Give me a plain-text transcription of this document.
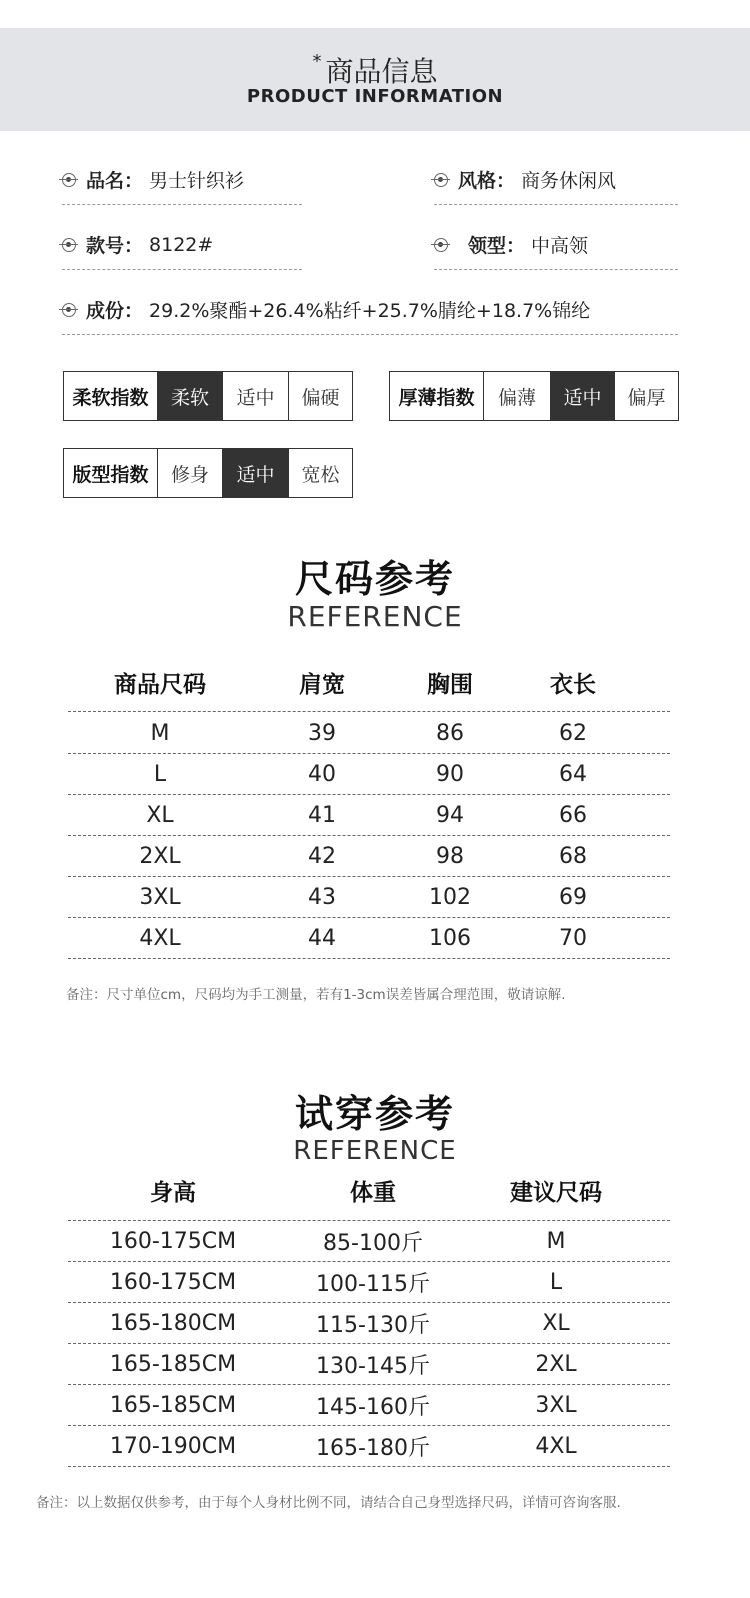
* 商品信息
PRODUCT INFORMATION
品名： 男士针织衫	风格： 商务休闲风
款号： 8122#	领型： 中高领
成份： 29.2%聚酯+26.4%粘纤+25.7%腈纶+18.7%锦纶
柔软指数	柔软	适中	偏硬	厚薄指数	偏薄	适中	偏厚
版型指数	修身	适中	宽松
尺码参考
REFERENCE
商品尺码	肩宽	胸围	衣长
M	39	86	62
L	40	90	64
XL	41	94	66
2XL	42	98	68
3XL	43	102	69
4XL	44	106	70
备注：尺寸单位cm，尺码均为手工测量，若有1-3cm误差皆属合理范围，敬请谅解.
试穿参考
REFERENCE
身高	体重	建议尺码
160-175CM	85-100斤	M
160-175CM	100-115斤	L
165-180CM	115-130斤	XL
165-185CM	130-145斤	2XL
165-185CM	145-160斤	3XL
170-190CM	165-180斤	4XL
备注：以上数据仅供参考，由于每个人身材比例不同，请结合自己身型选择尺码，详情可咨询客服.
